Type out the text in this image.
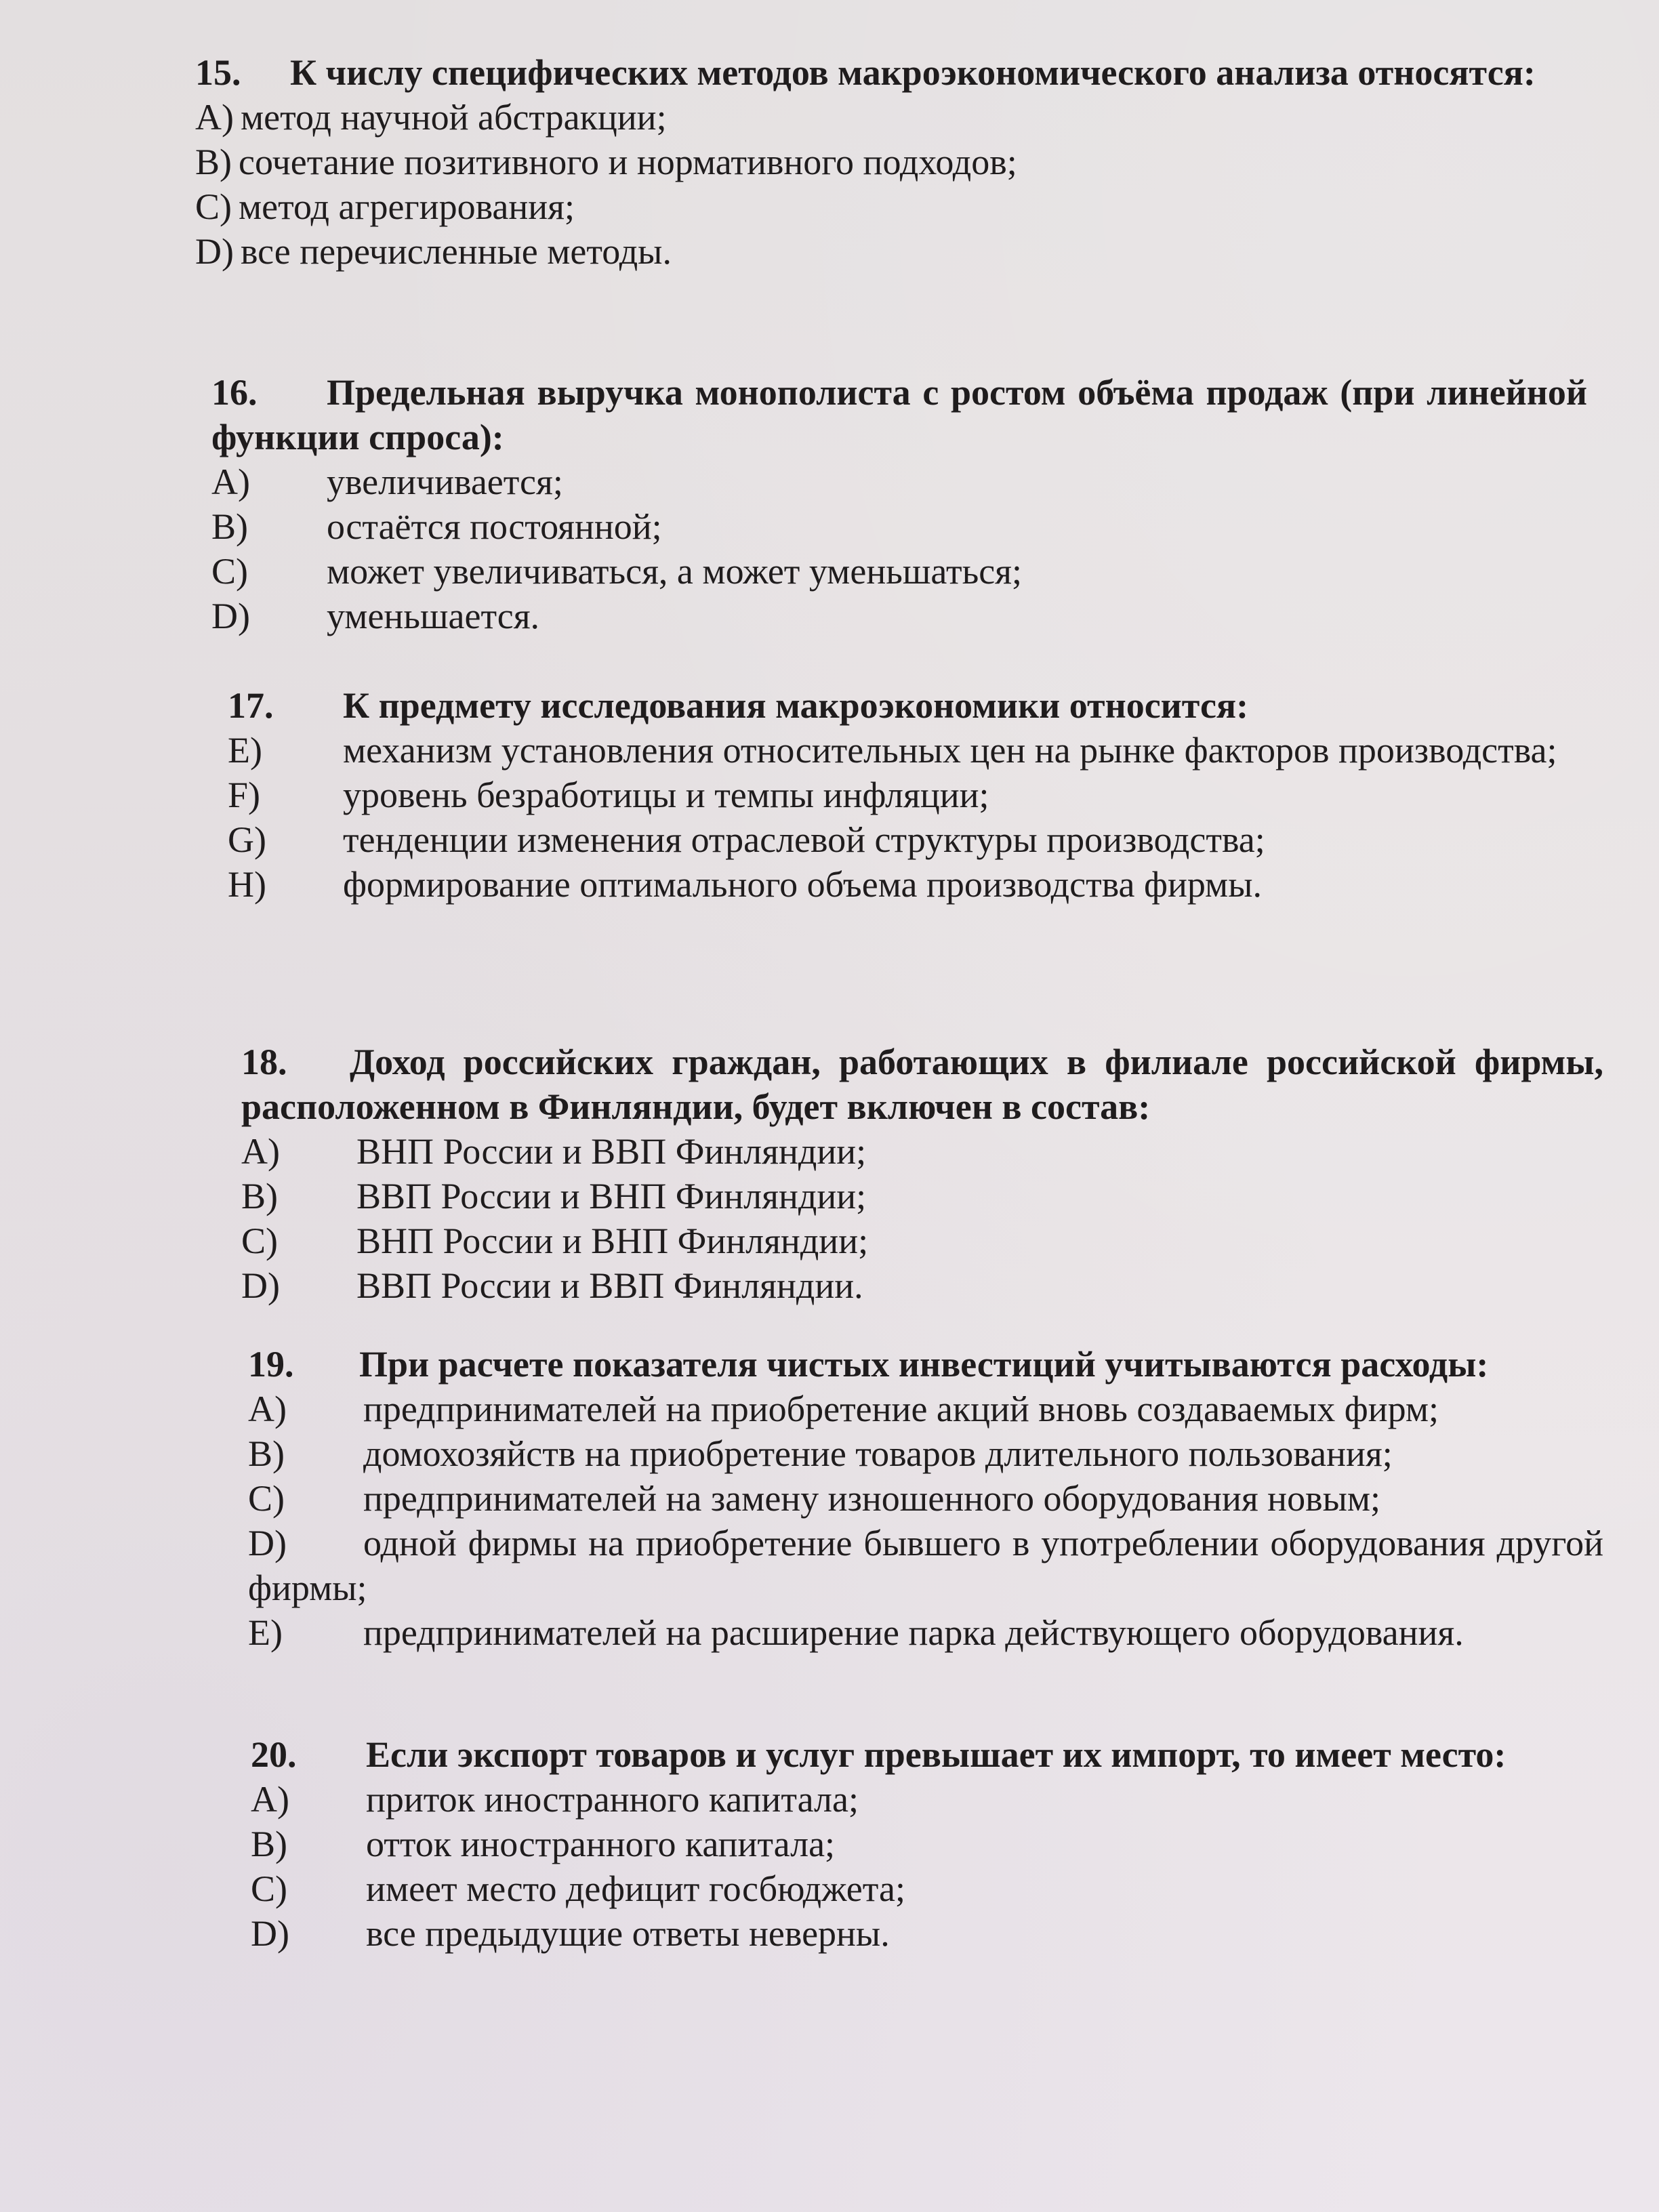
15. К числу специфических методов макроэкономического анализа относятся:
A) метод научной абстракции;
B) сочетание позитивного и нормативного подходов;
C) метод агрегирования;
D) все перечисленные методы.
16. Предельная выручка монополиста с ростом объёма продаж (при линейной функции спроса):
A)	увеличивается;
B)	остаётся постоянной;
C)	может увеличиваться, а может уменьшаться;
D)	уменьшается.
17. К предмету исследования макроэкономики относится:
E) механизм установления относительных цен на рынке факторов производства;
F)	уровень безработицы и темпы инфляции;
G)	тенденции изменения отраслевой структуры производства;
H)	формирование оптимального объема производства фирмы.
18. Доход российских граждан, работающих в филиале российской фирмы, расположенном в Финляндии, будет включен в состав:
A)	ВНП России и ВВП Финляндии;
B)	ВВП России и ВНП Финляндии;
C)	ВНП России и ВНП Финляндии;
D)	ВВП России и ВВП Финляндии.
19. При расчете показателя чистых инвестиций учитываются расходы:
A)	предпринимателей на приобретение акций вновь создаваемых фирм;
B)	домохозяйств на приобретение товаров длительного пользования;
C)	предпринимателей на замену изношенного оборудования новым;
D) одной фирмы на приобретение бывшего в употреблении оборудования другой фирмы;
E)	предпринимателей на расширение парка действующего оборудования.
20. Если экспорт товаров и услуг превышает их импорт, то имеет место:
A)	приток иностранного капитала;
B)	отток иностранного капитала;
C)	имеет место дефицит госбюджета;
D)	все предыдущие ответы неверны.
